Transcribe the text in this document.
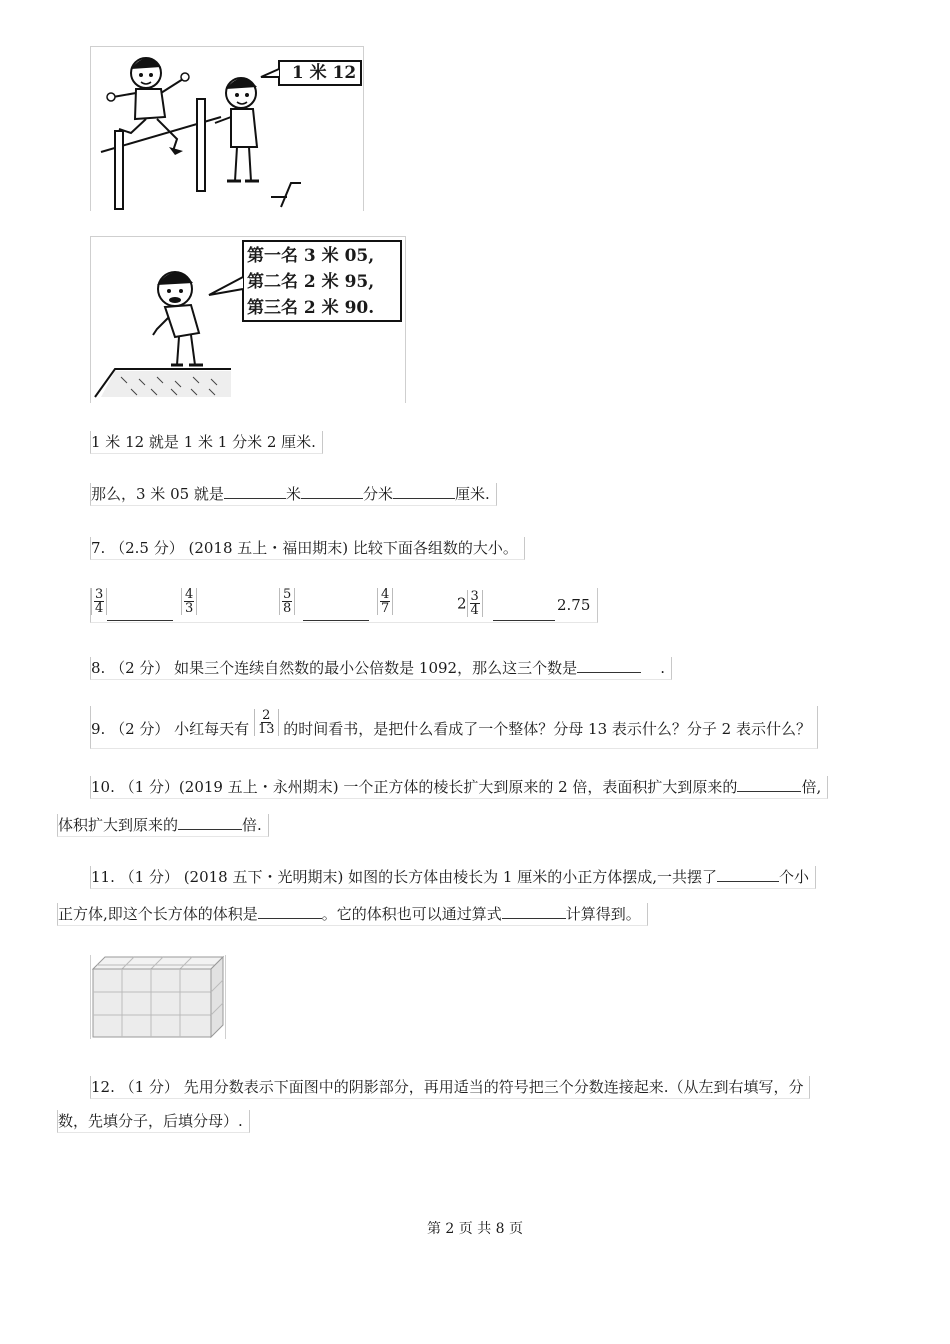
1 米 12
第一名 3 米 05,
第二名 2 米 95,
第三名 2 米 90.
1 米 12 就是 1 米 1 分米 2 厘米.
那么，3 米 05 就是	米	分米	厘米.
7. （2.5 分） (2018 五上・福田期末) 比较下面各组数的大小。
$\frac{3}{4}$	$\frac{4}{3}$	$\frac{5}{8}$	$\frac{4}{7}$	$2 \frac{3}{4}$	2.75
8. （2 分） 如果三个连续自然数的最小公倍数是 1092，那么这三个数是	.
9. （2 分） 小红每天有 $\frac{2}{13}$ 的时间看书，是把什么看成了一个整体？分母 13 表示什么？分子 2 表示什么？
10. （1 分）(2019 五上・永州期末) 一个正方体的棱长扩大到原来的 2 倍，表面积扩大到原来的	倍,
体积扩大到原来的	倍.
11. （1 分） (2018 五下・光明期末) 如图的长方体由棱长为 1 厘米的小正方体摆成,一共摆了	个小
正方体,即这个长方体的体积是	。它的体积也可以通过算式	计算得到。
12. （1 分） 先用分数表示下面图中的阴影部分，再用适当的符号把三个分数连接起来.（从左到右填写，分
数，先填分子，后填分母）.
第 2 页 共 8 页
